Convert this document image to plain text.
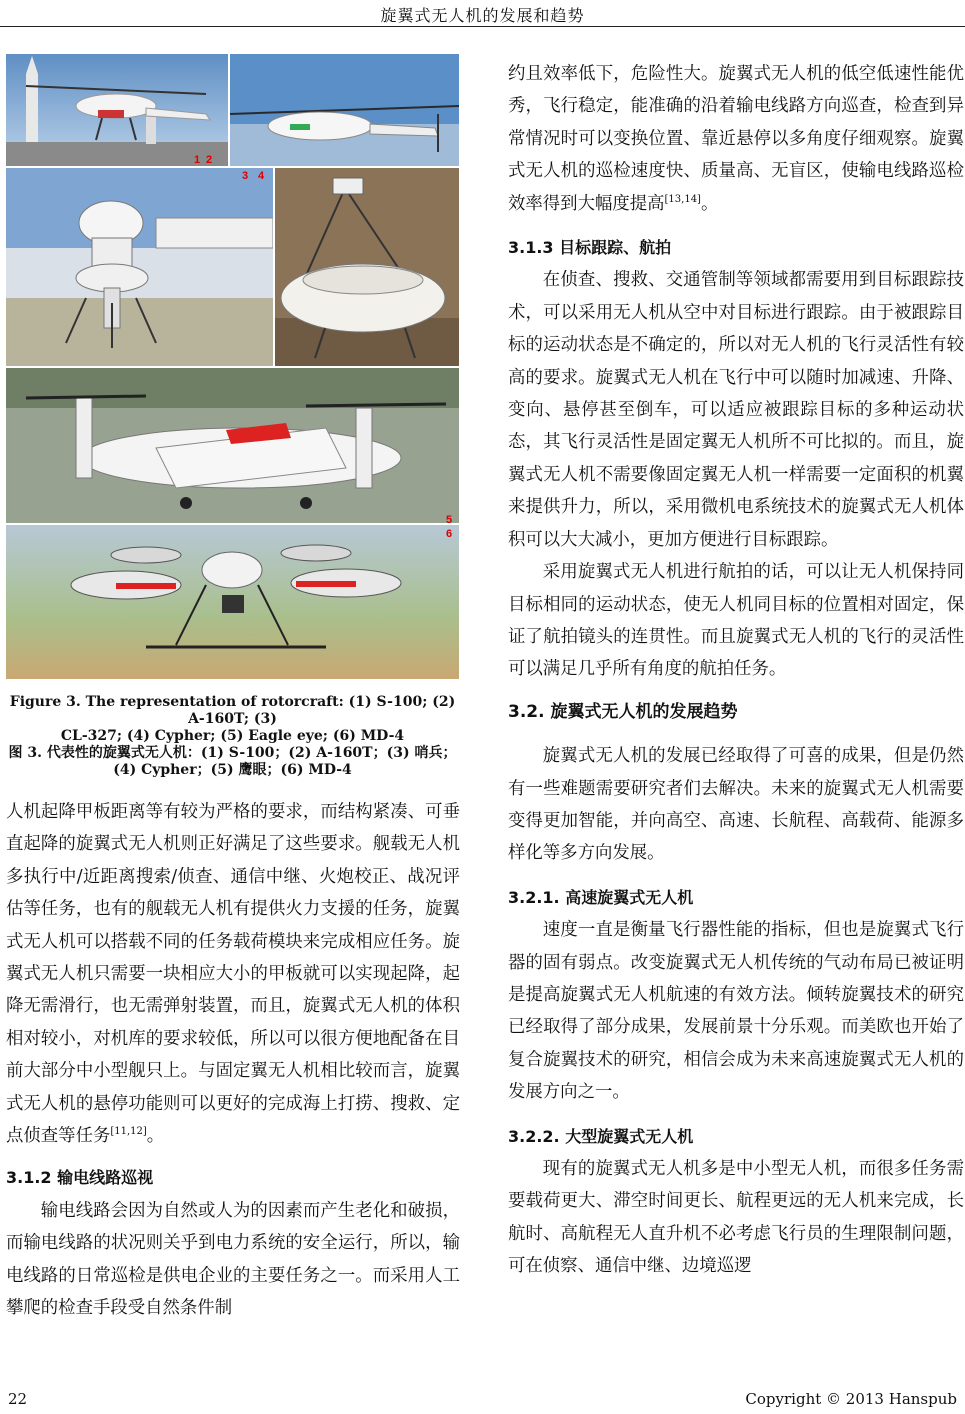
旋翼式无人机的发展和趋势
1 2
3 4
5
6
Figure 3. The representation of rotorcraft: (1) S-100; (2) A-160T; (3)
CL-327; (4) Cypher; (5) Eagle eye; (6) MD-4
图 3. 代表性的旋翼式无人机：(1) S-100；(2) A-160T；(3) 哨兵；
(4) Cypher；(5) 鹰眼；(6) MD-4

人机起降甲板距离等有较为严格的要求，而结构紧凑、可垂直起降的旋翼式无人机则正好满足了这些要求。舰载无人机多执行中/近距离搜索/侦查、通信中继、火炮校正、战况评估等任务，也有的舰载无人机有提供火力支援的任务，旋翼式无人机可以搭载不同的任务载荷模块来完成相应任务。旋翼式无人机只需要一块相应大小的甲板就可以实现起降，起降无需滑行，也无需弹射装置，而且，旋翼式无人机的体积相对较小，对机库的要求较低，所以可以很方便地配备在目前大部分中小型舰只上。与固定翼无人机相比较而言，旋翼式无人机的悬停功能则可以更好的完成海上打捞、搜救、定点侦查等任务[11,12]。

3.1.2 输电线路巡视

输电线路会因为自然或人为的因素而产生老化和破损，而输电线路的状况则关乎到电力系统的安全运行，所以，输电线路的日常巡检是供电企业的主要任务之一。而采用人工攀爬的检查手段受自然条件制

约且效率低下，危险性大。旋翼式无人机的低空低速性能优秀，飞行稳定，能准确的沿着输电线路方向巡查，检查到异常情况时可以变换位置、靠近悬停以多角度仔细观察。旋翼式无人机的巡检速度快、质量高、无盲区，使输电线路巡检效率得到大幅度提高[13,14]。

3.1.3 目标跟踪、航拍

在侦查、搜救、交通管制等领域都需要用到目标跟踪技术，可以采用无人机从空中对目标进行跟踪。由于被跟踪目标的运动状态是不确定的，所以对无人机的飞行灵活性有较高的要求。旋翼式无人机在飞行中可以随时加减速、升降、变向、悬停甚至倒车，可以适应被跟踪目标的多种运动状态，其飞行灵活性是固定翼无人机所不可比拟的。而且，旋翼式无人机不需要像固定翼无人机一样需要一定面积的机翼来提供升力，所以，采用微机电系统技术的旋翼式无人机体积可以大大减小，更加方便进行目标跟踪。

采用旋翼式无人机进行航拍的话，可以让无人机保持同目标相同的运动状态，使无人机同目标的位置相对固定，保证了航拍镜头的连贯性。而且旋翼式无人机的飞行的灵活性可以满足几乎所有角度的航拍任务。

3.2. 旋翼式无人机的发展趋势

旋翼式无人机的发展已经取得了可喜的成果，但是仍然有一些难题需要研究者们去解决。未来的旋翼式无人机需要变得更加智能，并向高空、高速、长航程、高载荷、能源多样化等多方向发展。

3.2.1. 高速旋翼式无人机

速度一直是衡量飞行器性能的指标，但也是旋翼式飞行器的固有弱点。改变旋翼式无人机传统的气动布局已被证明是提高旋翼式无人机航速的有效方法。倾转旋翼技术的研究已经取得了部分成果，发展前景十分乐观。而美欧也开始了复合旋翼技术的研究，相信会成为未来高速旋翼式无人机的发展方向之一。

3.2.2. 大型旋翼式无人机

现有的旋翼式无人机多是中小型无人机，而很多任务需要载荷更大、滞空时间更长、航程更远的无人机来完成，长航时、高航程无人直升机不必考虑飞行员的生理限制问题，可在侦察、通信中继、边境巡逻

22	Copyright © 2013 Hanspub
